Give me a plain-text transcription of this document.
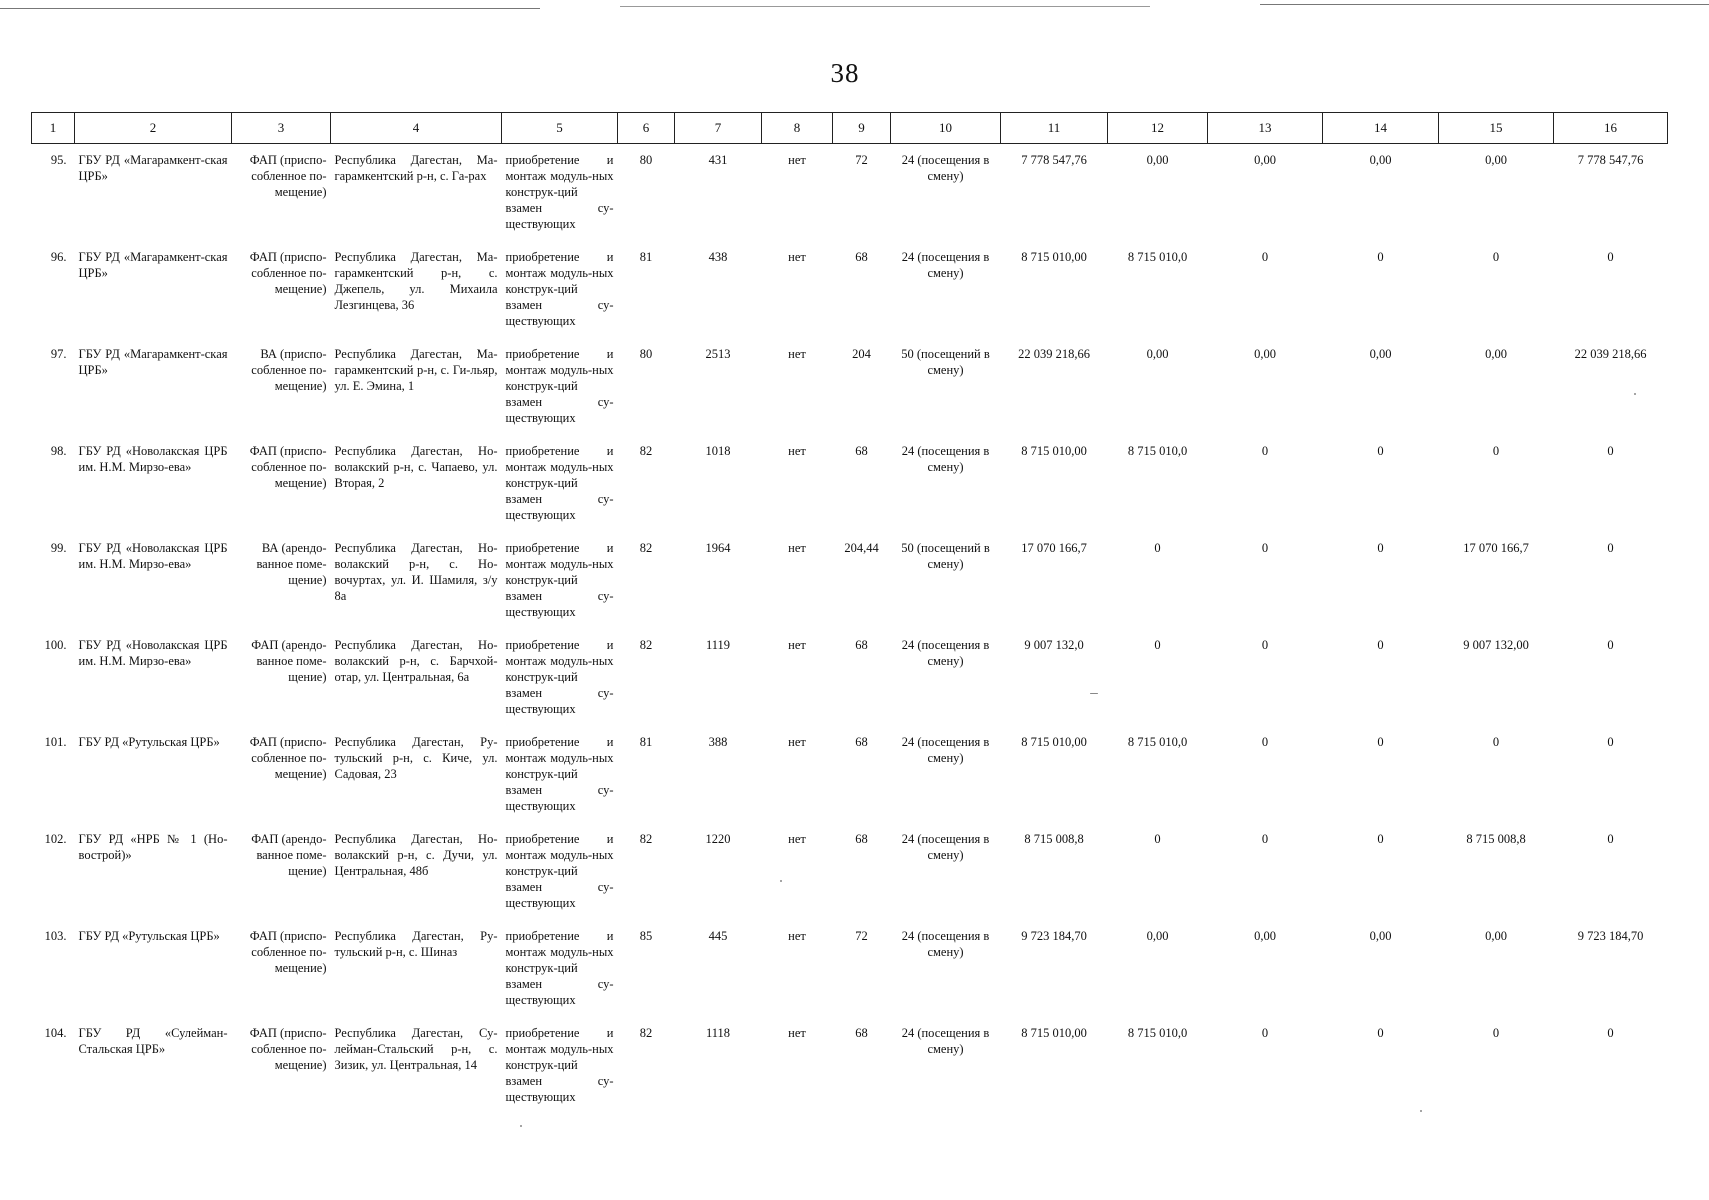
38
1	2	3	4	5	6	7	8	9	10	11	12	13	14	15	16
95.	ГБУ РД «Магарамкент-ская ЦРБ»	ФАП (приспо-собленное по-мещение)	Республика Дагестан, Ма-гарамкентский р-н, с. Га-рах	приобретение и монтаж модуль-ных конструк-ций взамен су-ществующих	80	431	нет	72	24 (посещения в смену)	7 778 547,76	0,00	0,00	0,00	0,00	7 778 547,76
96.	ГБУ РД «Магарамкент-ская ЦРБ»	ФАП (приспо-собленное по-мещение)	Республика Дагестан, Ма-гарамкентский р-н, с. Джепель, ул. Михаила Лезгинцева, 36	приобретение и монтаж модуль-ных конструк-ций взамен су-ществующих	81	438	нет	68	24 (посещения в смену)	8 715 010,00	8 715 010,0	0	0	0	0
97.	ГБУ РД «Магарамкент-ская ЦРБ»	ВА (приспо-собленное по-мещение)	Республика Дагестан, Ма-гарамкентский р-н, с. Ги-льяр, ул. Е. Эмина, 1	приобретение и монтаж модуль-ных конструк-ций взамен су-ществующих	80	2513	нет	204	50 (посещений в смену)	22 039 218,66	0,00	0,00	0,00	0,00	22 039 218,66
98.	ГБУ РД «Новолакская ЦРБ им. Н.М. Мирзо-ева»	ФАП (приспо-собленное по-мещение)	Республика Дагестан, Но-волакский р-н, с. Чапаево, ул. Вторая, 2	приобретение и монтаж модуль-ных конструк-ций взамен су-ществующих	82	1018	нет	68	24 (посещения в смену)	8 715 010,00	8 715 010,0	0	0	0	0
99.	ГБУ РД «Новолакская ЦРБ им. Н.М. Мирзо-ева»	ВА (арендо-ванное поме-щение)	Республика Дагестан, Но-волакский р-н, с. Но-вочуртах, ул. И. Шамиля, з/у 8а	приобретение и монтаж модуль-ных конструк-ций взамен су-ществующих	82	1964	нет	204,44	50 (посещений в смену)	17 070 166,7	0	0	0	17 070 166,7	0
100.	ГБУ РД «Новолакская ЦРБ им. Н.М. Мирзо-ева»	ФАП (арендо-ванное поме-щение)	Республика Дагестан, Но-волакский р-н, с. Барчхой-отар, ул. Центральная, 6а	приобретение и монтаж модуль-ных конструк-ций взамен су-ществующих	82	1119	нет	68	24 (посещения в смену)	9 007 132,0	0	0	0	9 007 132,00	0
101.	ГБУ РД «Рутульская ЦРБ»	ФАП (приспо-собленное по-мещение)	Республика Дагестан, Ру-тульский р-н, с. Киче, ул. Садовая, 23	приобретение и монтаж модуль-ных конструк-ций взамен су-ществующих	81	388	нет	68	24 (посещения в смену)	8 715 010,00	8 715 010,0	0	0	0	0
102.	ГБУ РД «НРБ № 1 (Но-вострой)»	ФАП (арендо-ванное поме-щение)	Республика Дагестан, Но-волакский р-н, с. Дучи, ул. Центральная, 48б	приобретение и монтаж модуль-ных конструк-ций взамен су-ществующих	82	1220	нет	68	24 (посещения в смену)	8 715 008,8	0	0	0	8 715 008,8	0
103.	ГБУ РД «Рутульская ЦРБ»	ФАП (приспо-собленное по-мещение)	Республика Дагестан, Ру-тульский р-н, с. Шиназ	приобретение и монтаж модуль-ных конструк-ций взамен су-ществующих	85	445	нет	72	24 (посещения в смену)	9 723 184,70	0,00	0,00	0,00	0,00	9 723 184,70
104.	ГБУ РД «Сулейман-Стальская ЦРБ»	ФАП (приспо-собленное по-мещение)	Республика Дагестан, Су-лейман-Стальский р-н, с. Зизик, ул. Центральная, 14	приобретение и монтаж модуль-ных конструк-ций взамен су-ществующих	82	1118	нет	68	24 (посещения в смену)	8 715 010,00	8 715 010,0	0	0	0	0
